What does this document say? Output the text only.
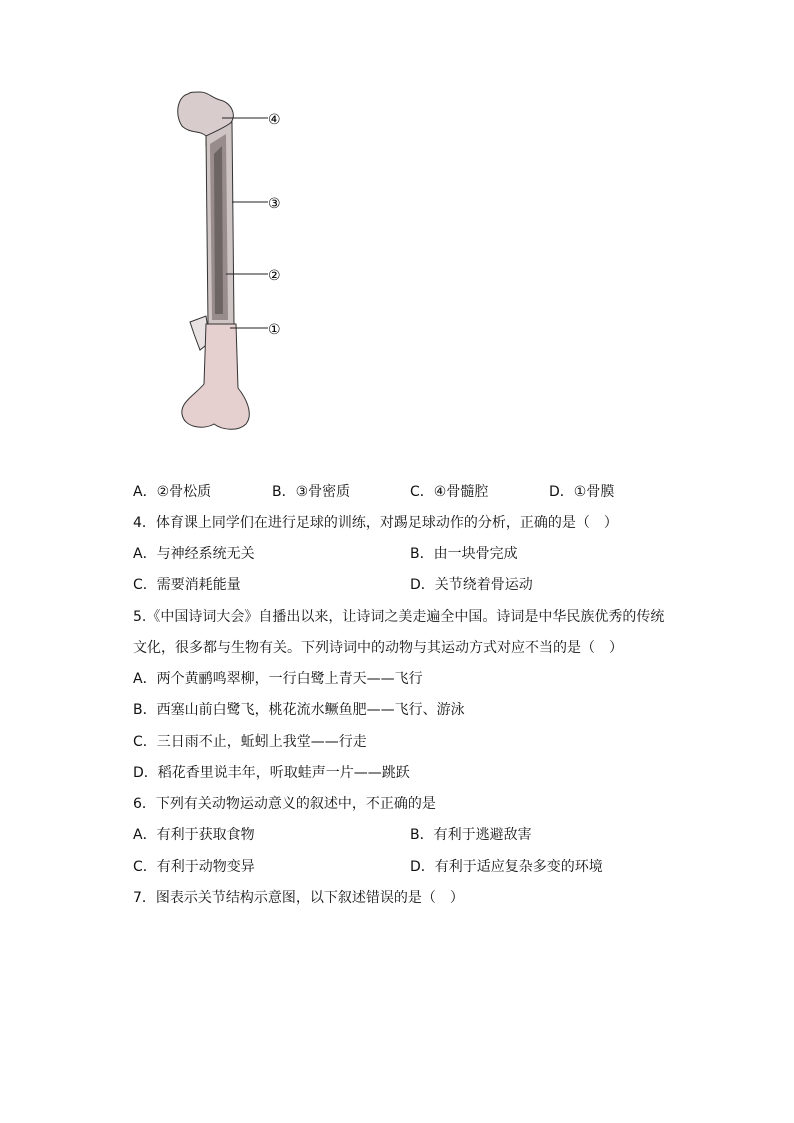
④
③
②
①
A．②骨松质	B．③骨密质	C．④骨髓腔	D．①骨膜
4．体育课上同学们在进行足球的训练，对踢足球动作的分析，正确的是（　）
A．与神经系统无关	B．由一块骨完成
C．需要消耗能量	D．关节绕着骨运动
5.《中国诗词大会》自播出以来，让诗词之美走遍全中国。诗词是中华民族优秀的传统
文化，很多都与生物有关。下列诗词中的动物与其运动方式对应不当的是（　）
A．两个黄鹂鸣翠柳，一行白鹭上青天——飞行
B．西塞山前白鹭飞，桃花流水鳜鱼肥——飞行、游泳
C．三日雨不止，蚯蚓上我堂——行走
D．稻花香里说丰年，听取蛙声一片——跳跃
6．下列有关动物运动意义的叙述中，不正确的是
A．有利于获取食物	B．有利于逃避敌害
C．有利于动物变异	D．有利于适应复杂多变的环境
7．图表示关节结构示意图，以下叙述错误的是（　）
